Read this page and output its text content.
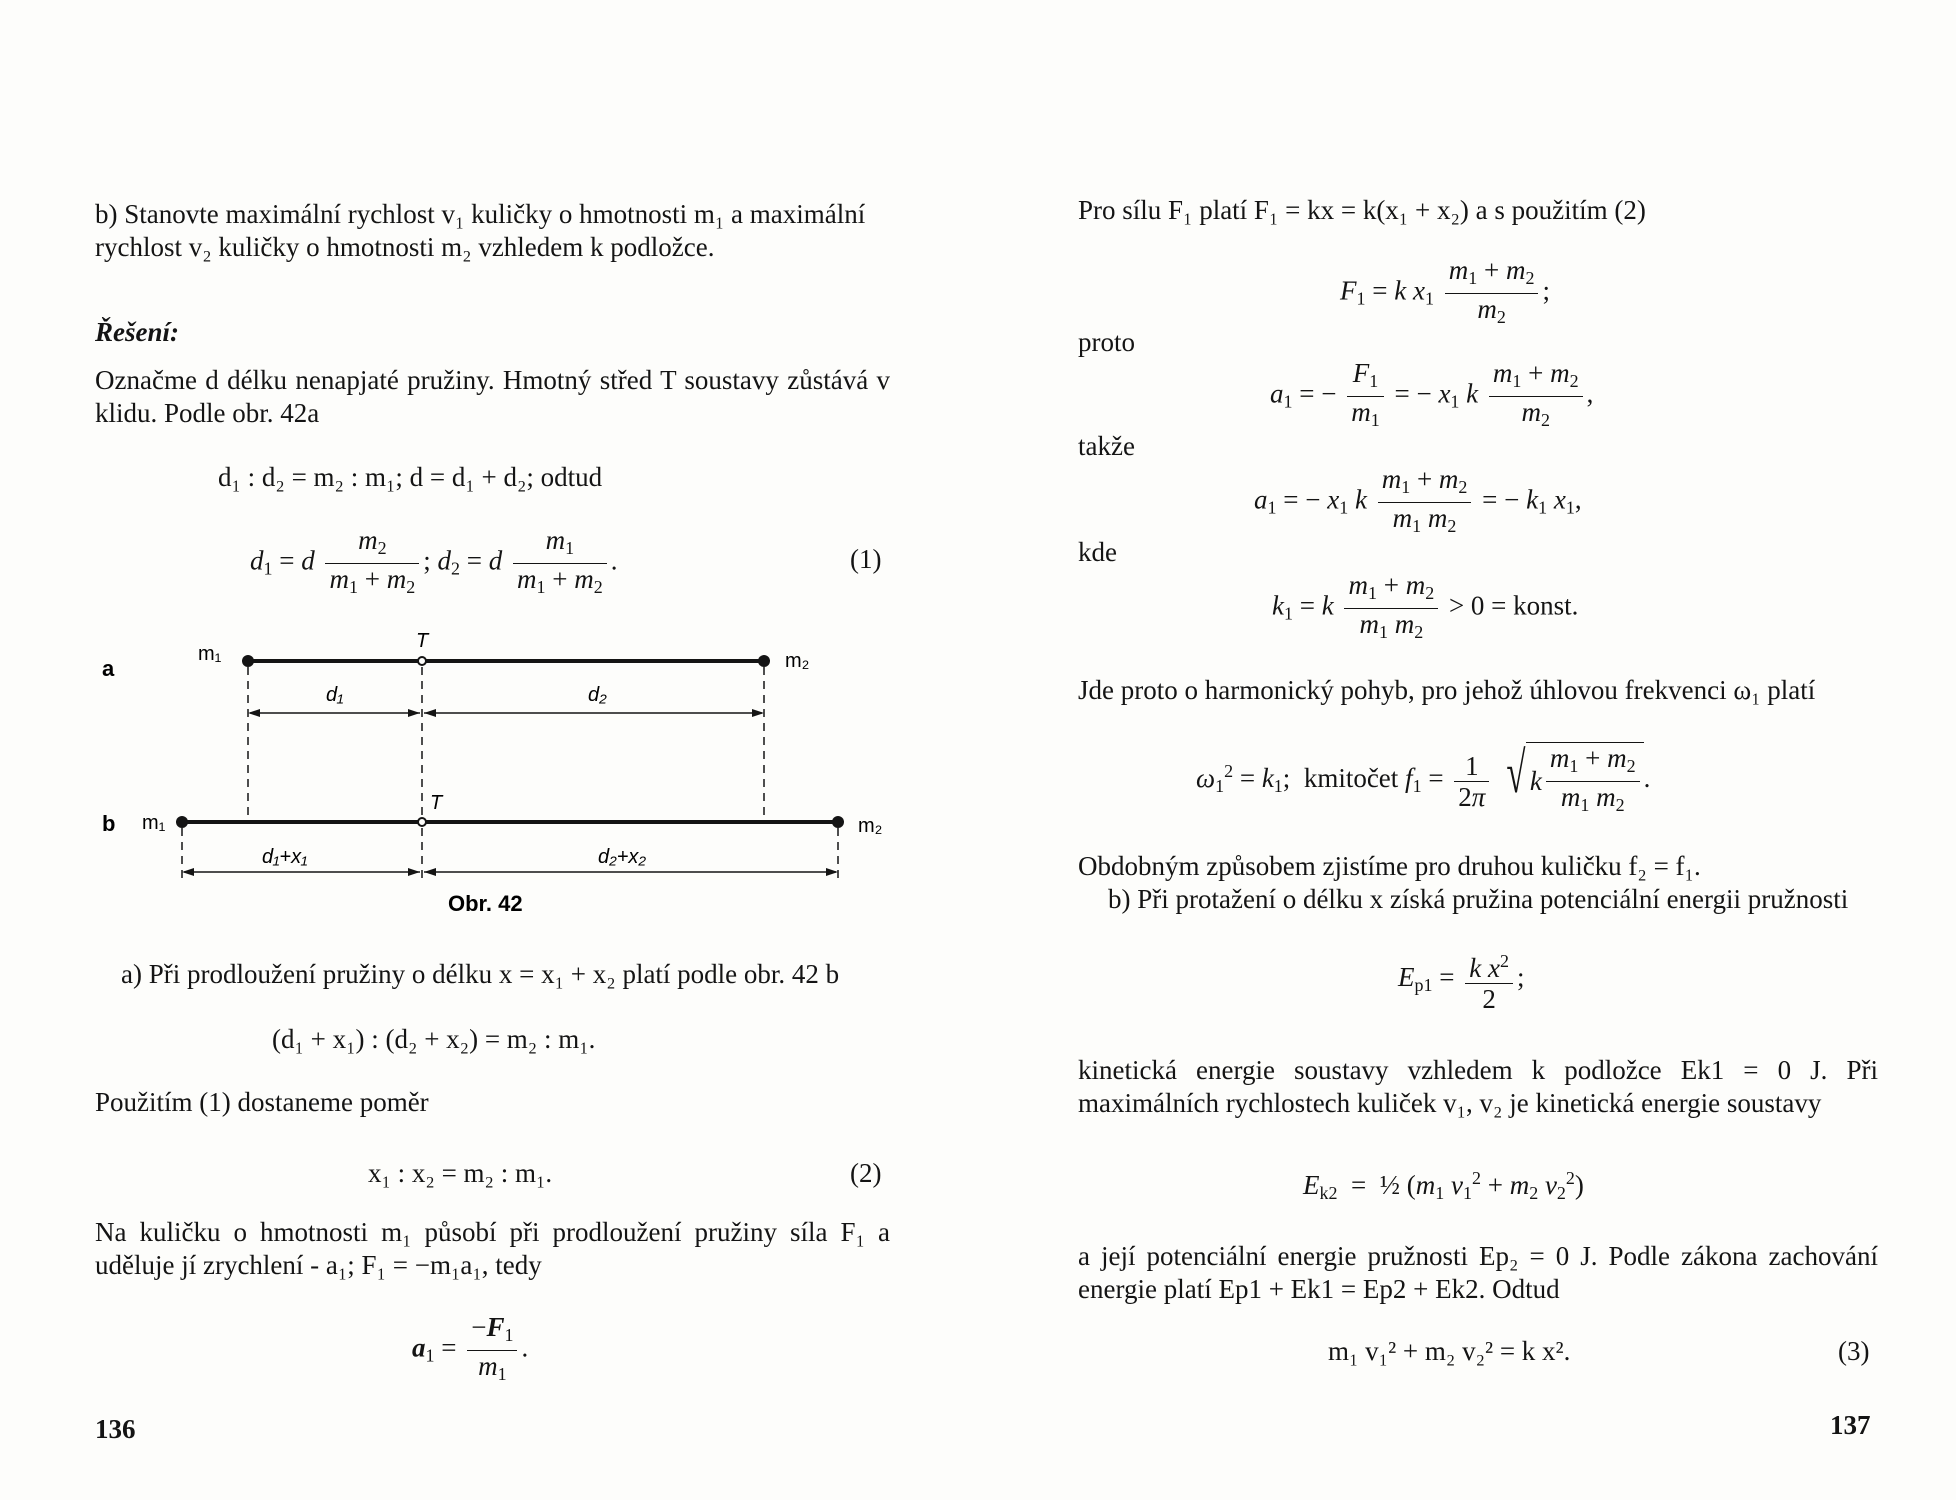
b) Stanovte maximální rychlost v₁ kuličky o hmotnosti m₁ a maximální rychlost v₂ kuličky o hmotnosti m₂ vzhledem k podložce.
Řešení:
Označme d délku nenapjaté pružiny. Hmotný střed T soustavy zůstává v klidu. Podle obr. 42a
d₁ : d₂ = m₂ : m₁; d = d₁ + d₂; odtud
$d_1 = d \frac{m_2}{m_1 + m_2}$ ; $d_2 = d \frac{m_1}{m_1 + m_2}$ .	(1)
a
m₁	m₂
T
d₁	d₂
b m₁	m₂
T
d₁+x₁	d₂+x₂
Obr. 42
a) Při prodloužení pružiny o délku x = x₁ + x₂ platí podle obr. 42 b
(d₁ + x₁) : (d₂ + x₂) = m₂ : m₁.
Použitím (1) dostaneme poměr
x₁ : x₂ = m₂ : m₁.	(2)
Na kuličku o hmotnosti m₁ působí při prodloužení pružiny síla F₁ a uděluje jí zrychlení - a₁; F₁ = −m₁a₁, tedy
$a_1 = \frac{-F_1}{m_1}$ .
136
Pro sílu F₁ platí F₁ = kx = k(x₁ + x₂) a s použitím (2)
$F_1 = k$ $x_1 \frac{m_1 + m_2}{m_2}$ ;
proto
$a_1$ = − $\frac{F_1}{m_1}$ = − $x_1$ k $\frac{m_1 + m_2}{m_2}$ ,
takže
$a_1$ = − $x_1$ k $\frac{m_1 + m_2}{m_1 m_2}$ = − $k_1$ $x_1$,
kde
$k_1 = k \frac{m_1 + m_2}{m_1 m_2} > 0$ = konst.
Jde proto o harmonický pohyb, pro jehož úhlovou frekvenci ω₁ platí
$\omega_1^2 = k_1$;  kmitočet $f_1 = \frac{1}{2\pi}$
√ k $\frac{m_1 + m_2}{m_1 m_2}$ .
Obdobným způsobem zjistíme pro druhou kuličku f₂ = f₁.
b) Při protažení o délku x získá pružina potenciální energii pružnosti
$E_{p1} = \frac{k x^2}{2}$ ;
kinetická energie soustavy vzhledem k podložce Ek1 = 0 J. Při maximálních rychlostech kuliček v₁, v₂ je kinetická energie soustavy
$E_{k2}$  =  ½ ($m_1$ $v_1^2 + m_2$ $v_2^2$)
a její potenciální energie pružnosti Ep₂ = 0 J. Podle zákona zachování energie platí Ep1 + Ek1 = Ep2 + Ek2. Odtud
m₁ v₁² + m₂ v₂² = k x².	(3)
137
